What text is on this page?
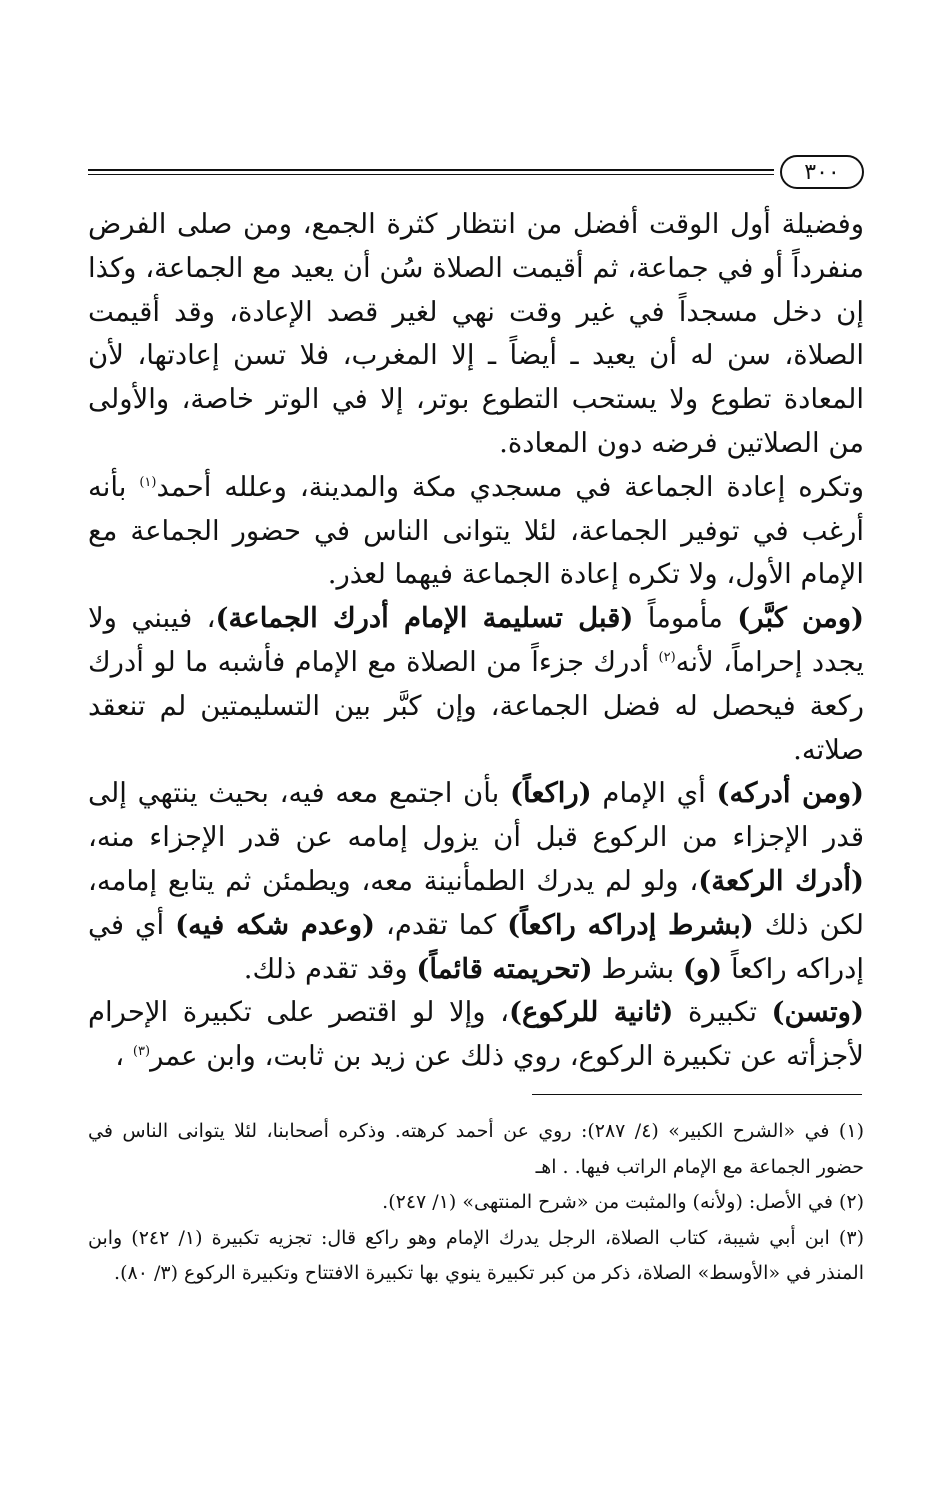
٣٠٠

وفضيلة أول الوقت أفضل من انتظار كثرة الجمع، ومن صلى الفرض منفرداً أو في جماعة، ثم أقيمت الصلاة سُن أن يعيد مع الجماعة، وكذا إن دخل مسجداً في غير وقت نهي لغير قصد الإعادة، وقد أقيمت الصلاة، سن له أن يعيد ـ أيضاً ـ إلا المغرب، فلا تسن إعادتها، لأن المعادة تطوع ولا يستحب التطوع بوتر، إلا في الوتر خاصة، والأولى من الصلاتين فرضه دون المعادة.

وتكره إعادة الجماعة في مسجدي مكة والمدينة، وعلله أحمد$^{(١)}$ بأنه أرغب في توفير الجماعة، لئلا يتوانى الناس في حضور الجماعة مع الإمام الأول، ولا تكره إعادة الجماعة فيهما لعذر.

(ومن كبَّر) مأموماً (قبل تسليمة الإمام أدرك الجماعة)، فيبني ولا يجدد إحراماً، لأنه$^{(٢)}$ أدرك جزءاً من الصلاة مع الإمام فأشبه ما لو أدرك ركعة فيحصل له فضل الجماعة، وإن كبَّر بين التسليمتين لم تنعقد صلاته.

(ومن أدركه) أي الإمام (راكعاً) بأن اجتمع معه فيه، بحيث ينتهي إلى قدر الإجزاء من الركوع قبل أن يزول إمامه عن قدر الإجزاء منه، (أدرك الركعة)، ولو لم يدرك الطمأنينة معه، ويطمئن ثم يتابع إمامه، لكن ذلك (بشرط إدراكه راكعاً) كما تقدم، (وعدم شكه فيه) أي في إدراكه راكعاً (و) بشرط (تحريمته قائماً) وقد تقدم ذلك.

(وتسن) تكبيرة (ثانية للركوع)، وإلا لو اقتصر على تكبيرة الإحرام لأجزأته عن تكبيرة الركوع، روي ذلك عن زيد بن ثابت، وابن عمر$^{(٣)}$ ،

(١) في «الشرح الكبير» (٤/ ٢٨٧): روي عن أحمد كرهته. وذكره أصحابنا، لئلا يتوانى الناس في حضور الجماعة مع الإمام الراتب فيها. . اهـ

(٢) في الأصل: (ولأنه) والمثبت من «شرح المنتهى» (١/ ٢٤٧).

(٣) ابن أبي شيبة، كتاب الصلاة، الرجل يدرك الإمام وهو راكع قال: تجزيه تكبيرة (١/ ٢٤٢) وابن المنذر في «الأوسط» الصلاة، ذكر من كبر تكبيرة ينوي بها تكبيرة الافتتاح وتكبيرة الركوع (٣/ ٨٠).
